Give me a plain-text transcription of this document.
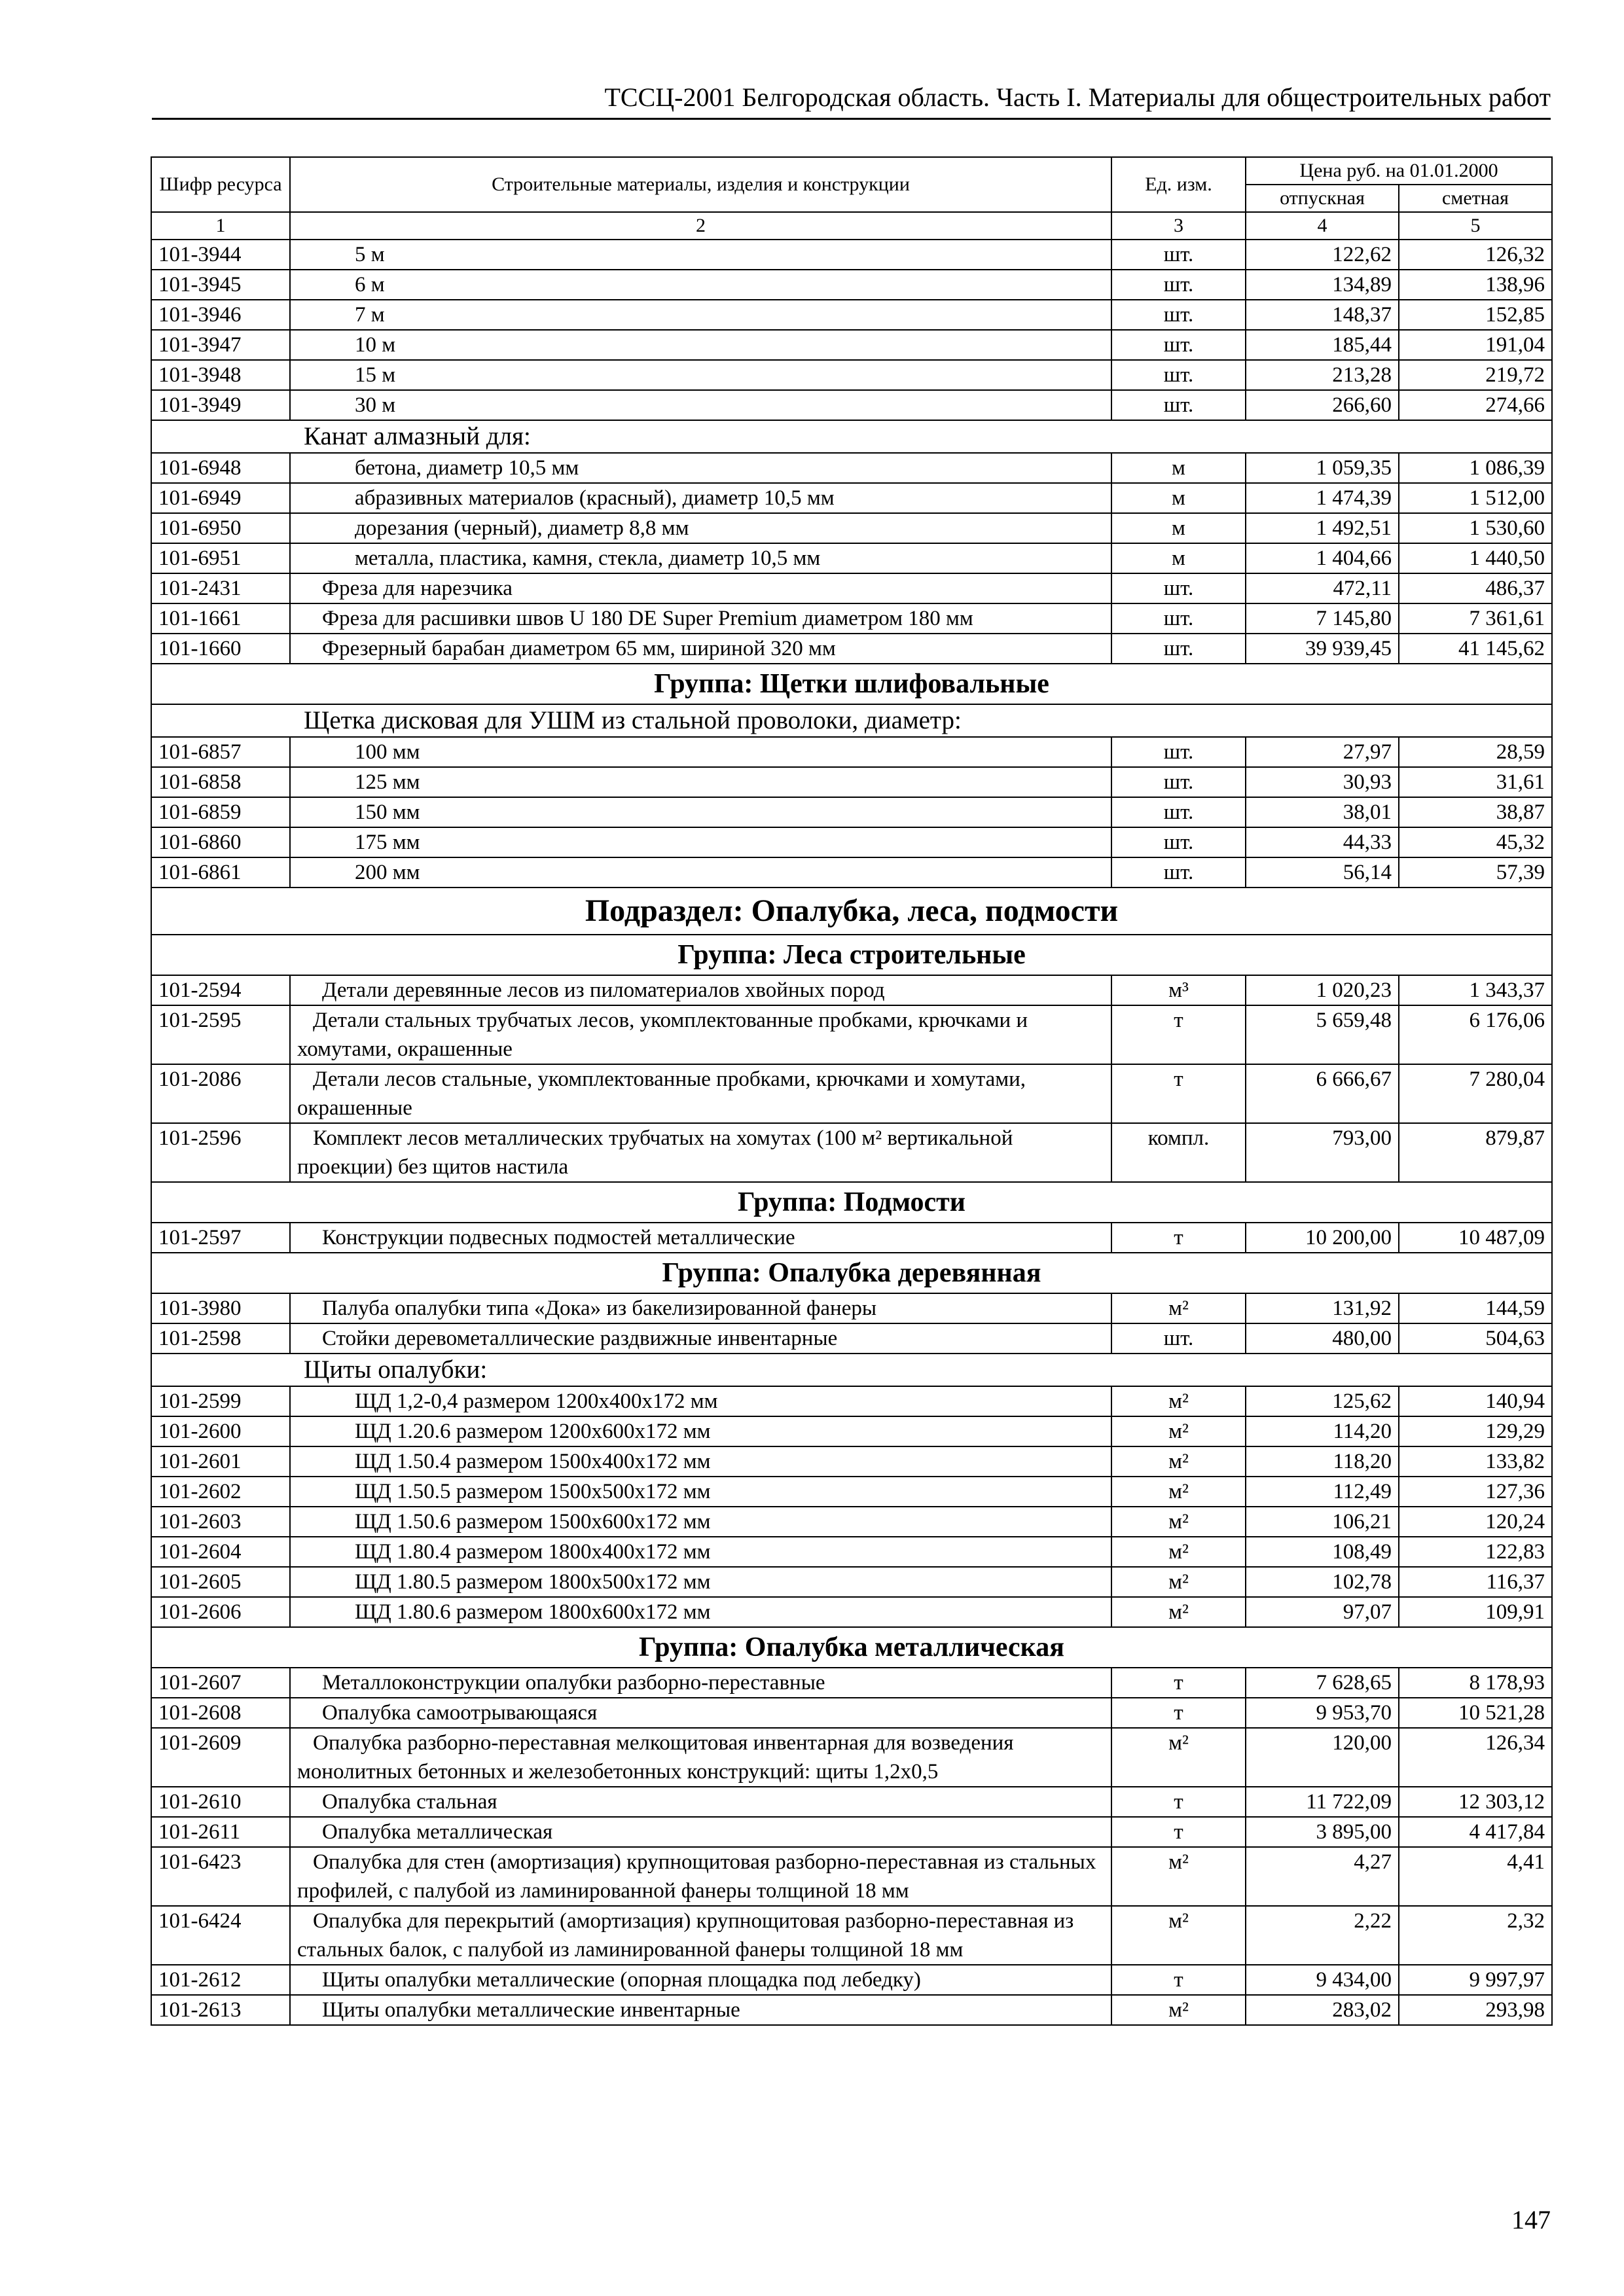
ТССЦ-2001 Белгородская область. Часть I. Материалы для общестроительных работ
Шифр ресурса	Строительные материалы, изделия и конструкции	Ед. изм.	Цена руб. на 01.01.2000	
			отпускная	сметная
1	2	3	4	5
101-3944	5 м	шт.	122,62	126,32
101-3945	6 м	шт.	134,89	138,96
101-3946	7 м	шт.	148,37	152,85
101-3947	10 м	шт.	185,44	191,04
101-3948	15 м	шт.	213,28	219,72
101-3949	30 м	шт.	266,60	274,66
Канат алмазный для:				
101-6948	бетона, диаметр 10,5 мм	м	1 059,35	1 086,39
101-6949	абразивных материалов (красный), диаметр 10,5 мм	м	1 474,39	1 512,00
101-6950	дорезания (черный), диаметр 8,8 мм	м	1 492,51	1 530,60
101-6951	металла, пластика, камня, стекла, диаметр 10,5 мм	м	1 404,66	1 440,50
101-2431	Фреза для нарезчика	шт.	472,11	486,37
101-1661	Фреза для расшивки швов U 180 DE Super Premium диаметром 180 мм	шт.	7 145,80	7 361,61
101-1660	Фрезерный барабан диаметром 65 мм, шириной 320 мм	шт.	39 939,45	41 145,62
Группа: Щетки шлифовальные				
Щетка дисковая для УШМ из стальной проволоки, диаметр:				
101-6857	100 мм	шт.	27,97	28,59
101-6858	125 мм	шт.	30,93	31,61
101-6859	150 мм	шт.	38,01	38,87
101-6860	175 мм	шт.	44,33	45,32
101-6861	200 мм	шт.	56,14	57,39
Подраздел: Опалубка, леса, подмости				
Группа: Леса строительные				
101-2594	Детали деревянные лесов из пиломатериалов хвойных пород	м³	1 020,23	1 343,37
101-2595	Детали стальных трубчатых лесов, укомплектованные пробками, крючками и хомутами, окрашенные	т	5 659,48	6 176,06
101-2086	Детали лесов стальные, укомплектованные пробками, крючками и хомутами, окрашенные	т	6 666,67	7 280,04
101-2596	Комплект лесов металлических трубчатых на хомутах (100 м² вертикальной проекции) без щитов настила	компл.	793,00	879,87
Группа: Подмости				
101-2597	Конструкции подвесных подмостей металлические	т	10 200,00	10 487,09
Группа: Опалубка деревянная				
101-3980	Палуба опалубки типа «Дока» из бакелизированной фанеры	м²	131,92	144,59
101-2598	Стойки деревометаллические раздвижные инвентарные	шт.	480,00	504,63
Щиты опалубки:				
101-2599	ЩД 1,2-0,4 размером 1200х400х172 мм	м²	125,62	140,94
101-2600	ЩД 1.20.6 размером 1200х600х172 мм	м²	114,20	129,29
101-2601	ЩД 1.50.4 размером 1500х400х172 мм	м²	118,20	133,82
101-2602	ЩД 1.50.5 размером 1500х500х172 мм	м²	112,49	127,36
101-2603	ЩД 1.50.6 размером 1500х600х172 мм	м²	106,21	120,24
101-2604	ЩД 1.80.4 размером 1800х400х172 мм	м²	108,49	122,83
101-2605	ЩД 1.80.5 размером 1800х500х172 мм	м²	102,78	116,37
101-2606	ЩД 1.80.6 размером 1800х600х172 мм	м²	97,07	109,91
Группа: Опалубка металлическая				
101-2607	Металлоконструкции опалубки разборно-переставные	т	7 628,65	8 178,93
101-2608	Опалубка самоотрывающаяся	т	9 953,70	10 521,28
101-2609	Опалубка разборно-переставная мелкощитовая инвентарная для возведения монолитных бетонных и железобетонных конструкций: щиты 1,2х0,5	м²	120,00	126,34
101-2610	Опалубка стальная	т	11 722,09	12 303,12
101-2611	Опалубка металлическая	т	3 895,00	4 417,84
101-6423	Опалубка для стен (амортизация) крупнощитовая разборно-переставная из стальных профилей, с палубой из ламинированной фанеры толщиной 18 мм	м²	4,27	4,41
101-6424	Опалубка для перекрытий (амортизация) крупнощитовая разборно-переставная из стальных балок, с палубой из ламинированной фанеры толщиной 18 мм	м²	2,22	2,32
101-2612	Щиты опалубки металлические (опорная площадка под лебедку)	т	9 434,00	9 997,97
101-2613	Щиты опалубки металлические инвентарные	м²	283,02	293,98
147
